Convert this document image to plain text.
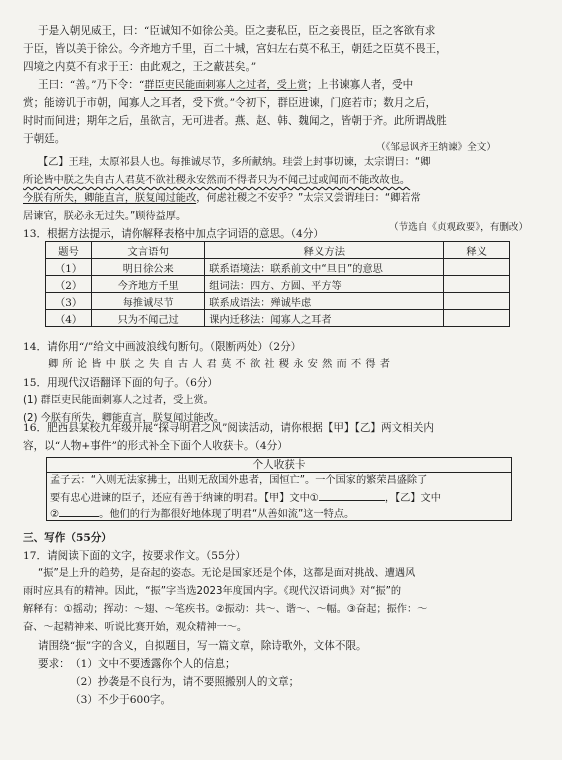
于是入朝见威王，曰：“臣诚知不如徐公美。臣之妻私臣，臣之妾畏臣，臣之客欲有求
于臣，皆以美于徐公。今齐地方千里，百二十城，宫妇左右莫不私王，朝廷之臣莫不畏王，
四境之内莫不有求于王：由此观之，王之蔽甚矣。”
王曰：“善。”乃下令：“群臣吏民能面刺寡人之过者，受上赏；上书谏寡人者，受中
赏；能谤讥于市朝，闻寡人之耳者，受下赏。”令初下，群臣进谏，门庭若市；数月之后，
时时而间进；期年之后，虽欲言，无可进者。燕、赵、韩、魏闻之，皆朝于齐。此所谓战胜
于朝廷。
（《邹忌讽齐王纳谏》全文）
【乙】王珪，太原祁县人也。每推诚尽节，多所献纳。珪尝上封事切谏，太宗谓曰：“卿
所论皆中朕之失自古人君莫不欲社稷永安然而不得者只为不闻己过或闻而不能改故也。
今朕有所失，卿能直言，朕复闻过能改，何虑社稷之不安乎？”太宗又尝谓珪曰：“卿若常
居谏官，朕必永无过失。”顾待益厚。
（节选自《贞观政要》，有删改）
13．根据方法提示，请你解释表格中加点字词语的意思。（4分）
题号	文言语句	释义方法	释义
（1）	明日徐公来	联系语境法：联系前文中“旦日”的意思	
（2）	今齐地方千里	组词法：四方、方圆、平方等	
（3）	每推诚尽节	联系成语法：殚诚毕虑	
（4）	只为不闻己过	课内迁移法：闻寡人之耳者	
14．请你用“/”给文中画波浪线句断句。（限断两处）（2分）
卿 所 论 皆 中 朕 之 失 自 古 人 君 莫 不 欲 社 稷 永 安 然 而 不 得 者
15．用现代汉语翻译下面的句子。（6分）
(1) 群臣吏民能面刺寡人之过者，受上赏。
(2) 今朕有所失，卿能直言，朕复闻过能改。
16．肥西县某校九年级开展“探寻明君之风”阅读活动，请你根据【甲】【乙】两文相关内
容，以“人物+事件”的形式补全下面个人收获卡。（4分）
个人收获卡
孟子云：“入则无法家拂士，出则无敌国外患者，国恒亡”。一个国家的繁荣昌盛除了
要有忠心进谏的臣子，还应有善于纳谏的明君。【甲】文中①	，【乙】文中
②	。他们的行为都很好地体现了明君“从善如流”这一特点。
三、写作（55分）
17．请阅读下面的文字，按要求作文。（55分）
“振”是上升的趋势，是奋起的姿态。无论是国家还是个体，这都是面对挑战、遭遇风
雨时应具有的精神。因此，“振”字当选2023年度国内字。《现代汉语词典》对“振”的
解释有：①摇动；挥动：～翅、～笔疾书。②振动：共～、谐～、～幅。③奋起；振作：～
奋、～起精神来、听说比赛开始，观众精神一～。
请围绕“振”字的含义，自拟题目，写一篇文章，除诗歌外，文体不限。
要求： （1）文中不要透露你个人的信息；
（2）抄袭是不良行为，请不要照搬别人的文章；
（3）不少于600字。
